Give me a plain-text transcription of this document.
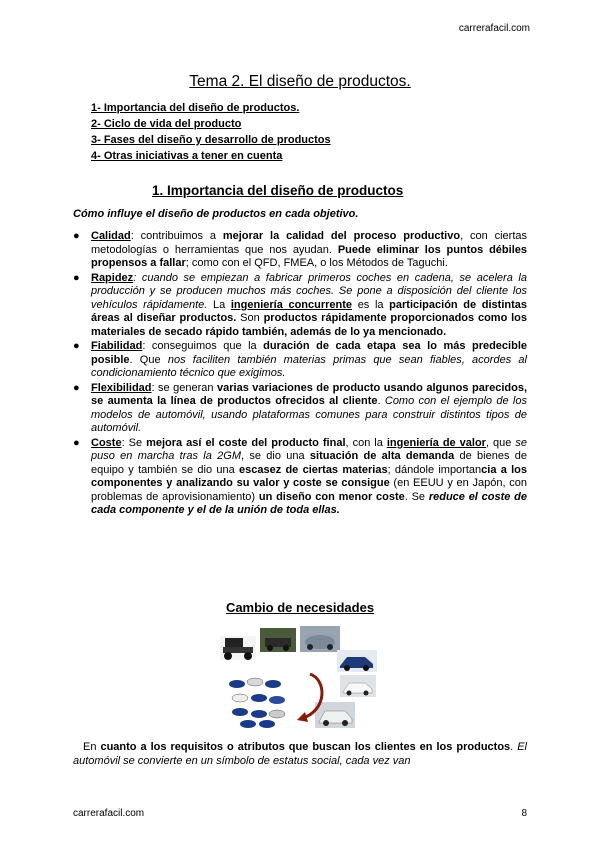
carrerafacil.com
Tema 2. El diseño de productos.
1- Importancia del diseño de productos.
2- Ciclo de vida del producto
3- Fases del diseño y desarrollo de productos
4- Otras iniciativas a tener en cuenta
1. Importancia del diseño de productos
Cómo influye el diseño de productos en cada objetivo.
● Calidad: contribuimos a mejorar la calidad del proceso productivo, con ciertas metodologías o herramientas que nos ayudan. Puede eliminar los puntos débiles propensos a fallar; como con el QFD, FMEA, o los Métodos de Taguchi.
● Rapidez: cuando se empiezan a fabricar primeros coches en cadena, se acelera la producción y se producen muchos más coches. Se pone a disposición del cliente los vehículos rápidamente. La ingeniería concurrente es la participación de distintas áreas al diseñar productos. Son productos rápidamente proporcionados como los materiales de secado rápido también, además de lo ya mencionado.
● Fiabilidad: conseguimos que la duración de cada etapa sea lo más predecible posible. Que nos faciliten también materias primas que sean fiables, acordes al condicionamiento técnico que exigimos.
● Flexibilidad: se generan varias variaciones de producto usando algunos parecidos, se aumenta la línea de productos ofrecidos al cliente. Como con el ejemplo de los modelos de automóvil, usando plataformas comunes para construir distintos tipos de automóvil.
● Coste: Se mejora así el coste del producto final, con la ingeniería de valor, que se puso en marcha tras la 2GM, se dio una situación de alta demanda de bienes de equipo y también se dio una escasez de ciertas materias; dándole importancia a los componentes y analizando su valor y coste se consigue (en EEUU y en Japón, con problemas de aprovisionamiento) un diseño con menor coste. Se reduce el coste de cada componente y el de la unión de toda ellas.
Cambio de necesidades
En cuanto a los requisitos o atributos que buscan los clientes en los productos. El automóvil se convierte en un símbolo de estatus social, cada vez van
carrerafacil.com	8
